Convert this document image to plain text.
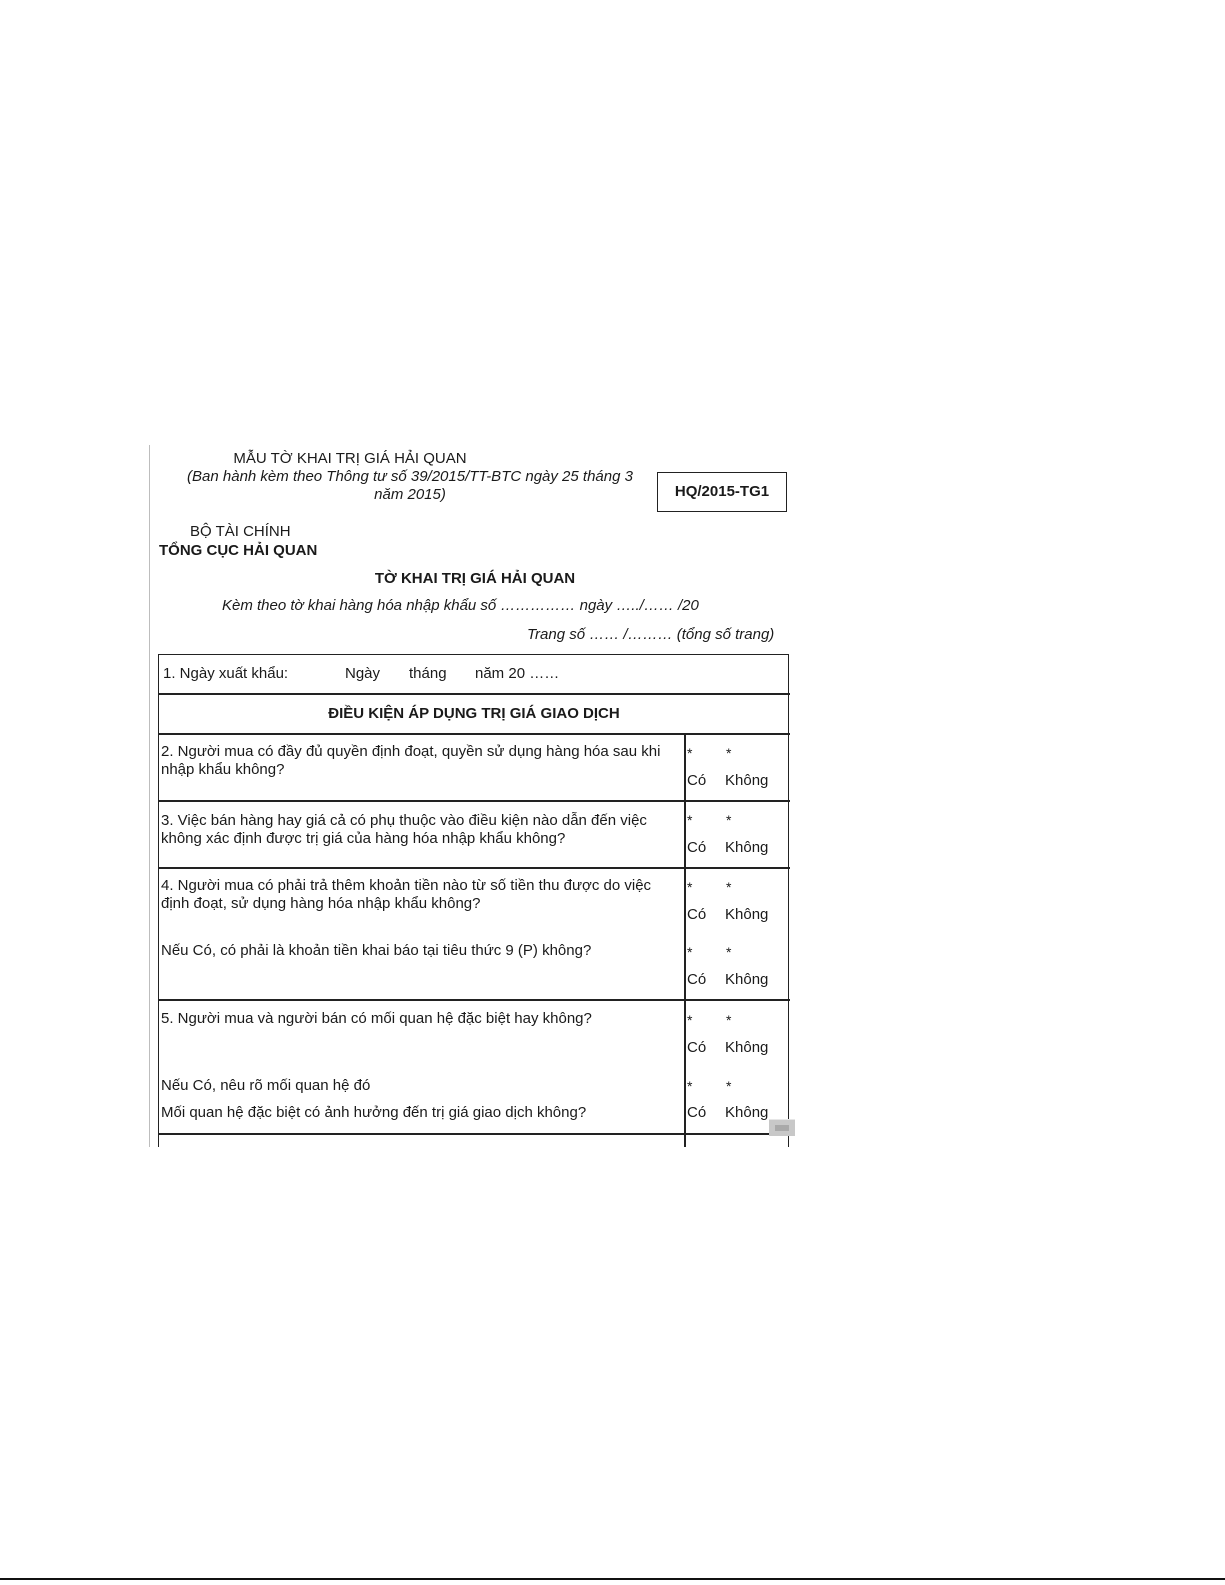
MẪU TỜ KHAI TRỊ GIÁ HẢI QUAN
(Ban hành kèm theo Thông tư số 39/2015/TT-BTC ngày 25 tháng 3
năm 2015)	HQ/2015-TG1
BỘ TÀI CHÍNH
TỔNG CỤC HẢI QUAN
TỜ KHAI TRỊ GIÁ HẢI QUAN
Kèm theo tờ khai hàng hóa nhập khẩu số …………… ngày …../…… /20
Trang số …… /……… (tổng số trang)
1. Ngày xuất khẩu:	Ngày tháng năm 20 ……
ĐIỀU KIỆN ÁP DỤNG TRỊ GIÁ GIAO DỊCH
2. Người mua có đầy đủ quyền định đoạt, quyền sử dụng hàng hóa sau khi nhập khẩu không?
* *
Có Không
3. Việc bán hàng hay giá cả có phụ thuộc vào điều kiện nào dẫn đến việc không xác định được trị giá của hàng hóa nhập khẩu không?
* *
Có Không
4. Người mua có phải trả thêm khoản tiền nào từ số tiền thu được do việc định đoạt, sử dụng hàng hóa nhập khẩu không?
* *
Có Không
Nếu Có, có phải là khoản tiền khai báo tại tiêu thức 9 (P) không?	* *
Có Không
5. Người mua và người bán có mối quan hệ đặc biệt hay không?	* *
Có Không
Nếu Có, nêu rõ mối quan hệ đó	* *
Mối quan hệ đặc biệt có ảnh hưởng đến trị giá giao dịch không?	Có Không
